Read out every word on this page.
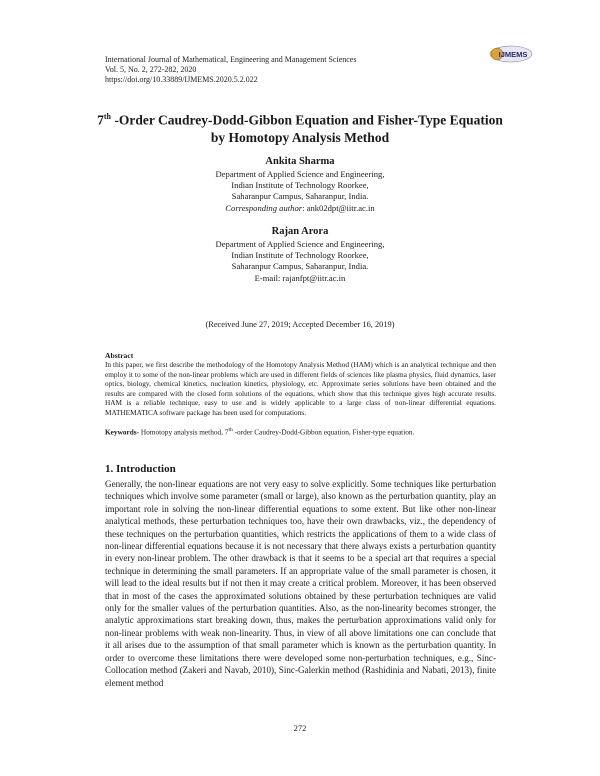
International Journal of Mathematical, Engineering and Management Sciences
Vol. 5, No. 2, 272-282, 2020
https://doi.org/10.33889/IJMEMS.2020.5.2.022
IJMEMS
7th -Order Caudrey-Dodd-Gibbon Equation and Fisher-Type Equation
by Homotopy Analysis Method
Ankita Sharma
Department of Applied Science and Engineering,
Indian Institute of Technology Roorkee,
Saharanpur Campus, Saharanpur, India.
Corresponding author: ank02dpt@iitr.ac.in
Rajan Arora
Department of Applied Science and Engineering,
Indian Institute of Technology Roorkee,
Saharanpur Campus, Saharanpur, India.
E-mail: rajanfpt@iitr.ac.in
(Received June 27, 2019; Accepted December 16, 2019)
Abstract
In this paper, we first describe the methodology of the Homotopy Analysis Method (HAM) which is an analytical technique and then employ it to some of the non-linear problems which are used in different fields of sciences like plasma physics, fluid dynamics, laser optics, biology, chemical kinetics, nucleation kinetics, physiology, etc. Approximate series solutions have been obtained and the results are compared with the closed form solutions of the equations, which show that this technique gives high accurate results. HAM is a reliable technique, easy to use and is widely applicable to a large class of non-linear differential equations. MATHEMATICA software package has been used for computations.
Keywords- Homotopy analysis method, 7th -order Caudrey-Dodd-Gibbon equation, Fisher-type equation.
1. Introduction
Generally, the non-linear equations are not very easy to solve explicitly. Some techniques like perturbation techniques which involve some parameter (small or large), also known as the perturbation quantity, play an important role in solving the non-linear differential equations to some extent. But like other non-linear analytical methods, these perturbation techniques too, have their own drawbacks, viz., the dependency of these techniques on the perturbation quantities, which restricts the applications of them to a wide class of non-linear differential equations because it is not necessary that there always exists a perturbation quantity in every non-linear problem. The other drawback is that it seems to be a special art that requires a special technique in determining the small parameters. If an appropriate value of the small parameter is chosen, it will lead to the ideal results but if not then it may create a critical problem. Moreover, it has been observed that in most of the cases the approximated solutions obtained by these perturbation techniques are valid only for the smaller values of the perturbation quantities. Also, as the non-linearity becomes stronger, the analytic approximations start breaking down, thus, makes the perturbation approximations valid only for non-linear problems with weak non-linearity. Thus, in view of all above limitations one can conclude that it all arises due to the assumption of that small parameter which is known as the perturbation quantity. In order to overcome these limitations there were developed some non-perturbation techniques, e.g., Sinc-Collocation method (Zakeri and Navab, 2010), Sinc-Galerkin method (Rashidinia and Nabati, 2013), finite element method
272
